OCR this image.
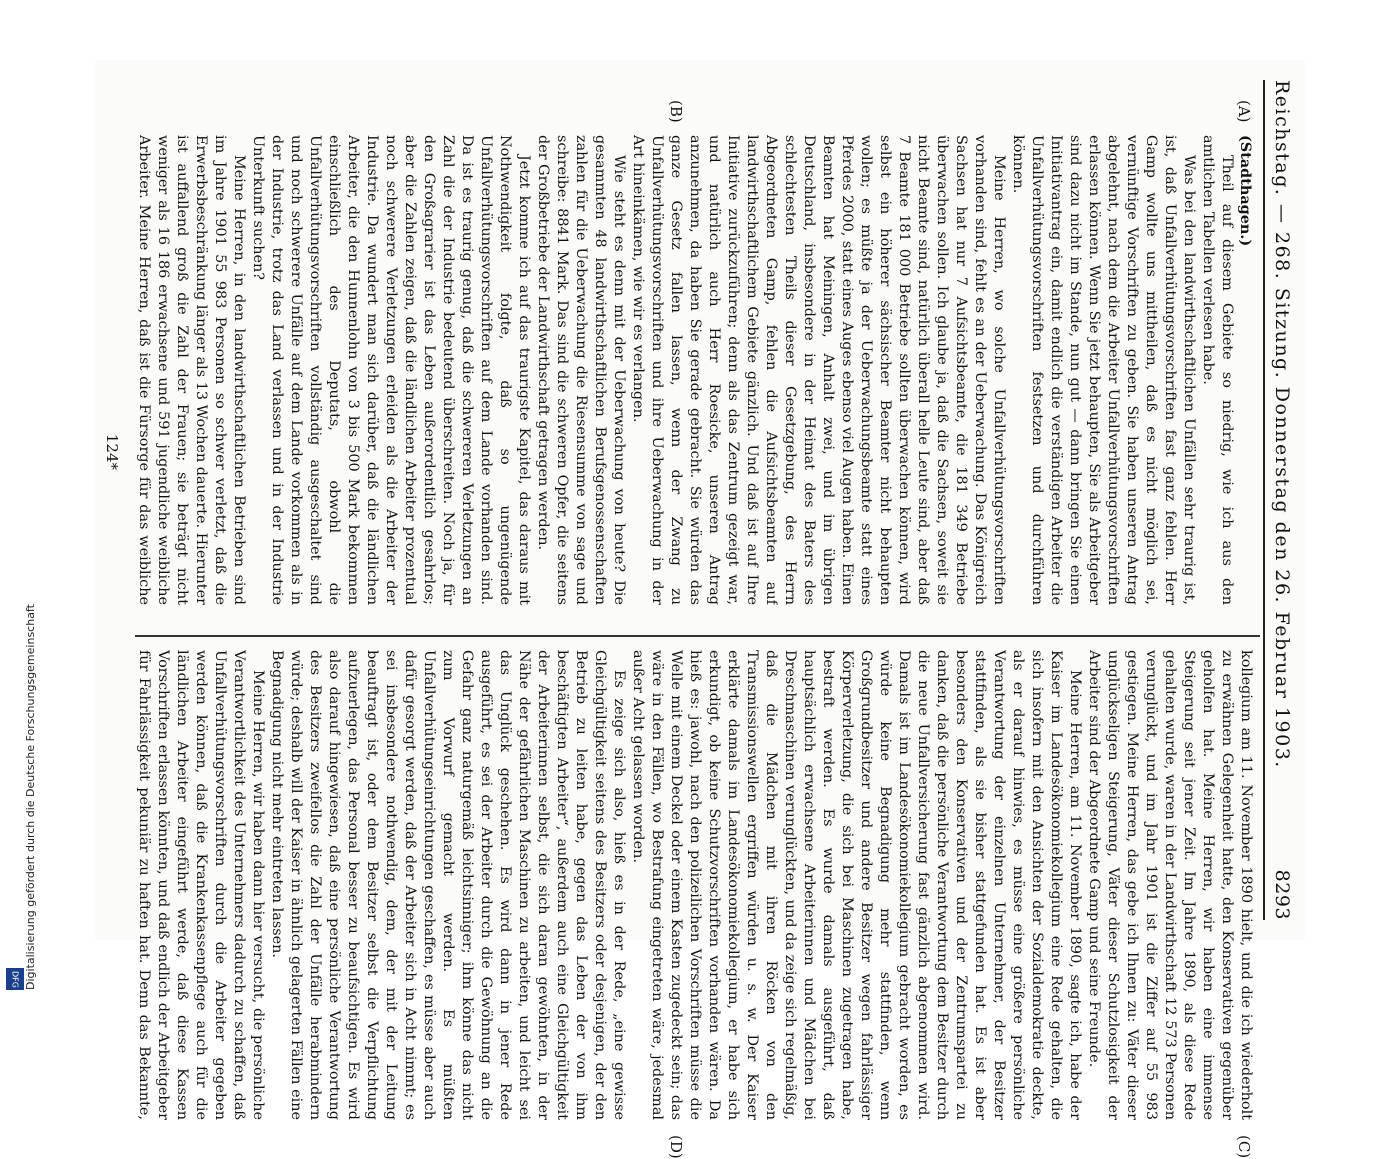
Reichstag. — 268. Sitzung. Donnerstag den 26. Februar 1903.
8293
(A)
(B)
(C)
(D)

(Stadthagen.)

Theil auf diesem Gebiete so niedrig, wie ich aus den amtlichen Tabellen verlesen habe.

Was bei den landwirthschaftlichen Unfällen sehr traurig ist, ist, daß Unfallverhütungsvorschriften fast ganz fehlen. Herr Gamp wollte uns mittheilen, daß es nicht möglich sei, vernünftige Vorschriften zu geben. Sie haben unseren Antrag abgelehnt, nach dem die Arbeiter Unfallverhütungsvorschriften erlassen können. Wenn Sie jetzt behaupten, Sie als Arbeitgeber sind dazu nicht im Stande, nun gut — dann bringen Sie einen Initiativantrag ein, damit endlich die verständigen Arbeiter die Unfallverhütungsvorschriften festsetzen und durchführen können.

Meine Herren, wo solche Unfallverhütungsvorschriften vorhanden sind, fehlt es an der Ueberwachung. Das Königreich Sachsen hat nur 7 Aufsichtsbeamte, die 181 349 Betriebe überwachen sollen. Ich glaube ja, daß die Sachsen, soweit sie nicht Beamte sind, natürlich überall helle Leute sind, aber daß 7 Beamte 181 000 Betriebe sollten überwachen können, wird selbst ein höherer sächsischer Beamter nicht behaupten wollen; es müßte ja der Ueberwachungsbeamte statt eines Pferdes 2000, statt eines Auges ebenso viel Augen haben. Einen Beamten hat Meiningen, Anhalt zwei, und im übrigen Deutschland, insbesondere in der Heimat des Baters des schlechtesten Theils dieser Gesetzgebung, des Herrn Abgeordneten Gamp, fehlen die Aufsichtsbeamten auf landwirthschaftlichem Gebiete gänzlich. Und daß ist auf Ihre Initiative zurückzuführen; denn als das Zentrum gezeigt war, und natürlich auch Herr Roesicke, unseren Antrag anzunehmen, da haben Sie gerade gebracht. Sie würden das ganze Gesetz fallen lassen, wenn der Zwang zu Unfallverhütungsvorschriften und ihre Ueberwachung in der Art hineinkämen, wie wir es verlangen.

Wie steht es denn mit der Ueberwachung von heute? Die gesammten 48 landwirthschaftlichen Berufsgenossenschaften zahlen für die Ueberwachung die Riesensumme von sage und schreibe: 8841 Mark. Das sind die schweren Opfer, die seitens der Großbetriebe der Landwirthschaft getragen werden.

Jetzt komme ich auf das traurigste Kapitel, das daraus mit Nothwendigkeit folgte, daß so ungenügende Unfallverhütungsvorschriften auf dem Lande vorhanden sind. Da ist es traurig genug, daß die schwereren Verletzungen an Zahl die der Industrie bedeutend überschreiten. Noch ja, für den Großagrarier ist das Leben außerordentlich gesahrlos; aber die Zahlen zeigen, daß die ländlichen Arbeiter prozentual noch schwerere Verletzungen erleiden als die Arbeiter der Industrie. Da wundert man sich darüber, daß die ländlichen Arbeiter, die den Hunnenlohn von 3 bis 500 Mark bekommen einschließlich des Deputats, obwohl die Unfallverhütungsvorschriften vollständig ausgeschaltet sind und noch schwerere Unfälle auf dem Lande vorkommen als in der Industrie, trotz das Land verlassen und in der Industrie Unterkunft suchen?

Meine Herren, in den landwirthschaftlichen Betrieben sind im Jahre 1901 55 983 Personen so schwer verletzt, daß die Erwerbsbeschränkung länger als 13 Wochen dauerte. Hierunter ist auffallend groß die Zahl der Frauen; sie beträgt nicht weniger als 16 186 erwachsene und 591 jugendliche weibliche Arbeiter. Meine Herren, daß ist die Fürsorge für das weibliche

kollegium am 11. November 1890 hielt, und die ich wiederholt zu erwähnen Gelegenheit hatte, den Konservativen gegenüber geholfen hat. Meine Herren, wir haben eine immense Steigerung seit jener Zeit. Im Jahre 1890, als diese Rede gehalten wurde, waren in der Landwirthschaft 12 573 Personen verunglückt, und im Jahr 1901 ist die Ziffer auf 55 983 gestiegen. Meine Herren, das gebe ich Ihnen zu: Väter dieser unglückseligen Steigerung, Väter dieser Schutzlosigkeit der Arbeiter sind der Abgeordnete Gamp und seine Freunde.

Meine Herren, am 11. November 1890, sagte ich, habe der Kaiser im Landesökonomiekollegium eine Rede gehalten, die sich insofern mit den Ansichten der Sozialdemokratie deckte, als er darauf hinwies, es müsse eine größere persönliche Verantwortung der einzelnen Unternehmer, der Besitzer stattfinden, als sie bisher stattgefunden hat. Es ist aber besonders den Konservativen und der Zentrumspartei zu danken, daß die persönliche Verantwortung dem Besitzer durch die neue Unfallversicherung fast gänzlich abgenommen wird. Damals ist im Landesökonomiekollegium gebracht worden, es würde keine Begnadigung mehr stattfinden, wenn Großgrundbesitzer und andere Besitzer wegen fahrlässiger Körperverletzung, die sich bei Maschinen zugetragen habe, bestraft werden. Es wurde damals ausgeführt, daß hauptsächlich erwachsene Arbeiterinnen und Mädchen bei Dreschmaschinen verunglückten, und da zeige sich regelmäßig, daß die Mädchen mit ihren Röcken von den Transmissionswellen ergriffen würden u. s. w. Der Kaiser erklärte damals im Landesökonomiekollegium, er habe sich erkundigt, ob keine Schutzvorschriften vorhanden wären. Da hieß es: jawohl, nach den polizeilichen Vorschriften müsse die Welle mit einem Deckel oder einem Kasten zugedeckt sein; das wäre in den Fällen, wo Bestrafung eingetreten wäre, jedesmal außer Acht gelassen worden.

Es zeige sich also, hieß es in der Rede, „eine gewisse Gleichgültigkeit seitens des Besitzers oder desjenigen, der den Betrieb zu leiten habe, gegen das Leben der von ihm beschäftigten Arbeiter“, außerdem auch eine Gleichgültigkeit der Arbeiterinnen selbst, die sich daran gewöhnten, in der Nähe der gefährlichen Maschinen zu arbeiten, und leicht sei das Unglück geschehen. Es wird dann in jener Rede ausgeführt, es sei der Arbeiter durch die Gewöhnung an die Gefahr ganz naturgemäß leichtsinniger; ihm könne das nicht zum Vorwurf gemacht werden. Es müßten Unfallverhütungseinrichtungen geschaffen, es müsse aber auch dafür gesorgt werden, daß der Arbeiter sich in Acht nimmt; es sei insbesondere nothwendig, dem, der mit der Leitung beauftragt ist, oder dem Besitzer selbst die Verpflichtung aufzuerlegen, das Personal besser zu beaufsichtigen. Es wird also darauf hingewiesen, daß eine persönliche Verantwortung des Besitzers zweifellos die Zahl der Unfälle herabmindern würde; deshalb will der Kaiser in ähnlich gelagerten Fällen eine Begnadigung nicht mehr eintreten lassen.

Meine Herren, wir haben dann hier versucht, die persönliche Verantwortlichkeit des Unternehmers dadurch zu schaffen, daß Unfallverhütungsvorschriften durch die Arbeiter gegeben werden können, daß die Krankenkassenpflege auch für die ländlichen Arbeiter eingeführt werde, daß diese Kassen Vorschriften erlassen könnten, und daß endlich der Arbeitgeber für Fahrlässigkeit pekuniär zu haften hat. Denn das Bekannte,

124*
Digitalisierung gefördert durch die Deutsche Forschungsgemeinschaft
DFG
